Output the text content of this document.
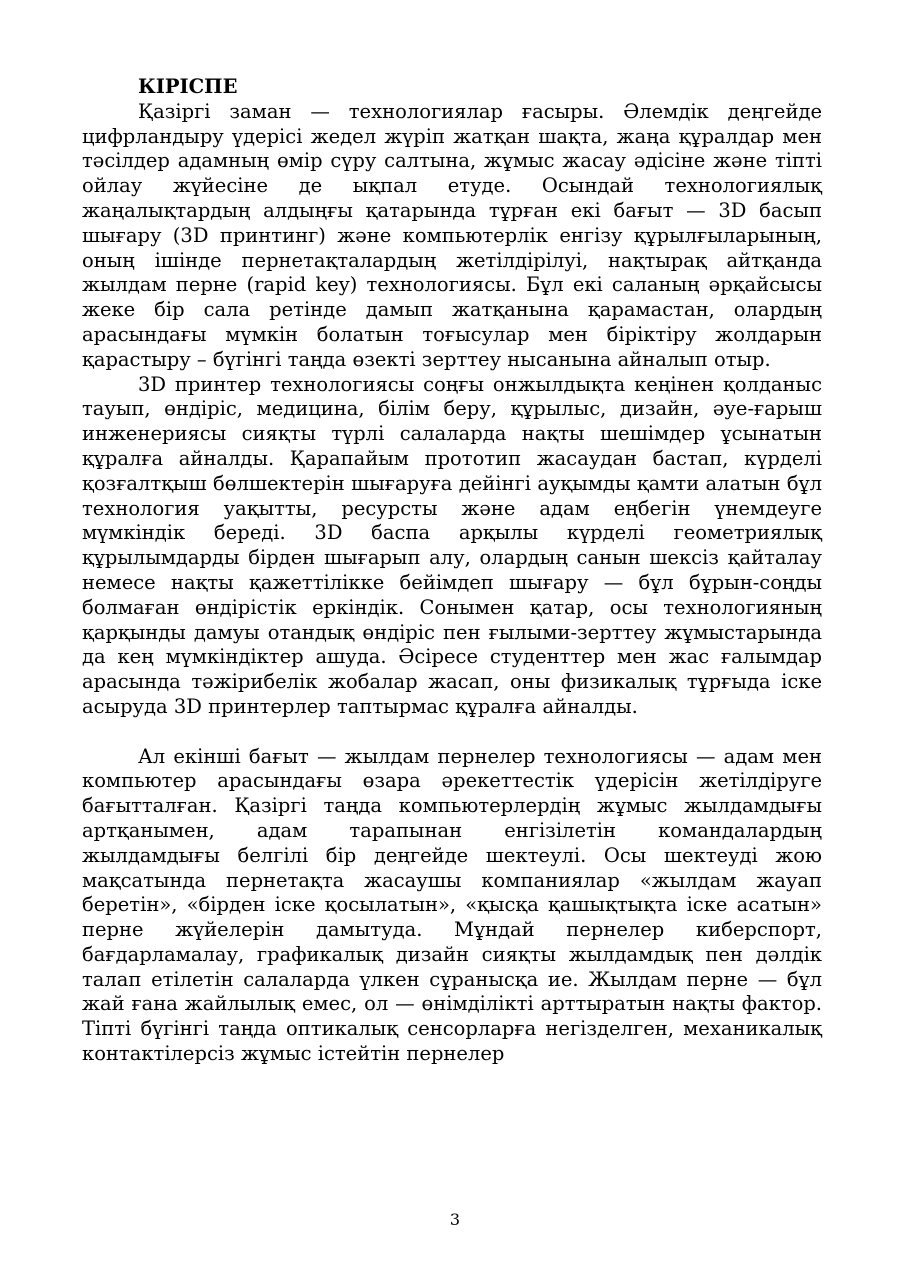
КІРІСПЕ

Қазіргі заман — технологиялар ғасыры. Әлемдік деңгейде цифрландыру үдерісі жедел жүріп жатқан шақта, жаңа құралдар мен тәсілдер адамның өмір сүру салтына, жұмыс жасау әдісіне және тіпті ойлау жүйесіне де ықпал етуде. Осындай технологиялық жаңалықтардың алдыңғы қатарында тұрған екі бағыт — 3D басып шығару (3D принтинг) және компьютерлік енгізу құрылғыларының, оның ішінде пернетақталардың жетілдірілуі, нақтырақ айтқанда жылдам перне (rapid key) технологиясы. Бұл екі саланың әрқайсысы жеке бір сала ретінде дамып жатқанына қарамастан, олардың арасындағы мүмкін болатын тоғысулар мен біріктіру жолдарын қарастыру – бүгінгі таңда өзекті зерттеу нысанына айналып отыр.

3D принтер технологиясы соңғы онжылдықта кеңінен қолданыс тауып, өндіріс, медицина, білім беру, құрылыс, дизайн, әуе-ғарыш инженериясы сияқты түрлі салаларда нақты шешімдер ұсынатын құралға айналды. Қарапайым прототип жасаудан бастап, күрделі қозғалтқыш бөлшектерін шығаруға дейінгі ауқымды қамти алатын бұл технология уақытты, ресурсты және адам еңбегін үнемдеуге мүмкіндік береді. 3D баспа арқылы күрделі геометриялық құрылымдарды бірден шығарып алу, олардың санын шексіз қайталау немесе нақты қажеттілікке бейімдеп шығару — бұл бұрын-соңды болмаған өндірістік еркіндік. Сонымен қатар, осы технологияның қарқынды дамуы отандық өндіріс пен ғылыми-зерттеу жұмыстарында да кең мүмкіндіктер ашуда. Әсіресе студенттер мен жас ғалымдар арасында тәжірибелік жобалар жасап, оны физикалық тұрғыда іске асыруда 3D принтерлер таптырмас құралға айналды.

Ал екінші бағыт — жылдам пернелер технологиясы — адам мен компьютер арасындағы өзара әрекеттестік үдерісін жетілдіруге бағытталған. Қазіргі таңда компьютерлердің жұмыс жылдамдығы артқанымен, адам тарапынан енгізілетін командалардың жылдамдығы белгілі бір деңгейде шектеулі. Осы шектеуді жою мақсатында пернетақта жасаушы компаниялар «жылдам жауап беретін», «бірден іске қосылатын», «қысқа қашықтықта іске асатын» перне жүйелерін дамытуда. Мұндай пернелер киберспорт, бағдарламалау, графикалық дизайн сияқты жылдамдық пен дәлдік талап етілетін салаларда үлкен сұранысқа ие. Жылдам перне — бұл жай ғана жайлылық емес, ол — өнімділікті арттыратын нақты фактор. Тіпті бүгінгі таңда оптикалық сенсорларға негізделген, механикалық контактілерсіз жұмыс істейтін пернелер

3
